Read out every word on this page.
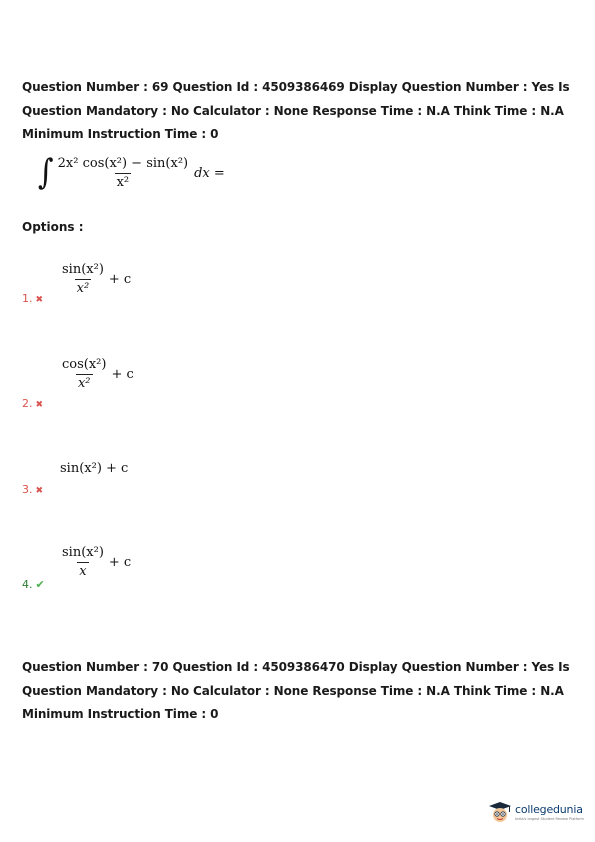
Question Number : 69 Question Id : 4509386469 Display Question Number : Yes Is Question Mandatory : No Calculator : None Response Time : N.A Think Time : N.A Minimum Instruction Time : 0
∫ $\frac{\text{2x² cos(x²) − sin(x²)}}{\text{x²}}$ dx =
Options :
$\frac{\text{sin(x²)}}{\text{x²}} + c$
1. ✖
$\frac{\text{cos(x²)}}{\text{x²}} + c$
2. ✖
sin(x²) + c
3. ✖
$\frac{\text{sin(x²)}}{x} + c$
4. ✔
Question Number : 70 Question Id : 4509386470 Display Question Number : Yes Is Question Mandatory : No Calculator : None Response Time : N.A Think Time : N.A Minimum Instruction Time : 0
collegedunia
India's largest Student Review Platform
